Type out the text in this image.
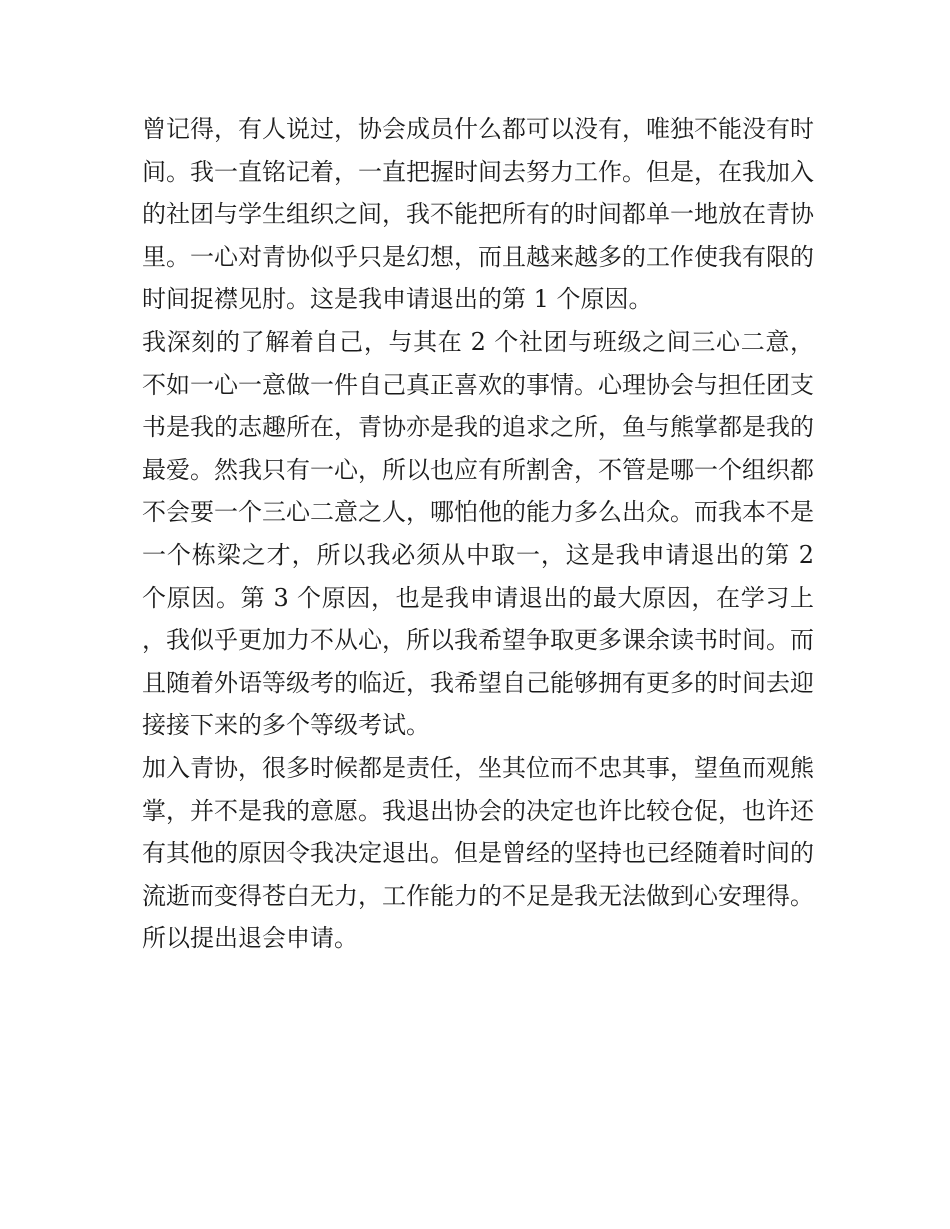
曾记得，有人说过，协会成员什么都可以没有，唯独不能没有时间。我一直铭记着，一直把握时间去努力工作。但是，在我加入的社团与学生组织之间，我不能把所有的时间都单一地放在青协里。一心对青协似乎只是幻想，而且越来越多的工作使我有限的时间捉襟见肘。这是我申请退出的第 1 个原因。

我深刻的了解着自己，与其在 2 个社团与班级之间三心二意，不如一心一意做一件自己真正喜欢的事情。心理协会与担任团支书是我的志趣所在，青协亦是我的追求之所，鱼与熊掌都是我的最爱。然我只有一心，所以也应有所割舍，不管是哪一个组织都不会要一个三心二意之人，哪怕他的能力多么出众。而我本不是一个栋梁之才，所以我必须从中取一，这是我申请退出的第 2 个原因。第 3 个原因，也是我申请退出的最大原因，在学习上，我似乎更加力不从心，所以我希望争取更多课余读书时间。而且随着外语等级考的临近，我希望自己能够拥有更多的时间去迎接接下来的多个等级考试。

加入青协，很多时候都是责任，坐其位而不忠其事，望鱼而观熊掌，并不是我的意愿。我退出协会的决定也许比较仓促，也许还有其他的原因令我决定退出。但是曾经的坚持也已经随着时间的流逝而变得苍白无力，工作能力的不足是我无法做到心安理得。所以提出退会申请。
